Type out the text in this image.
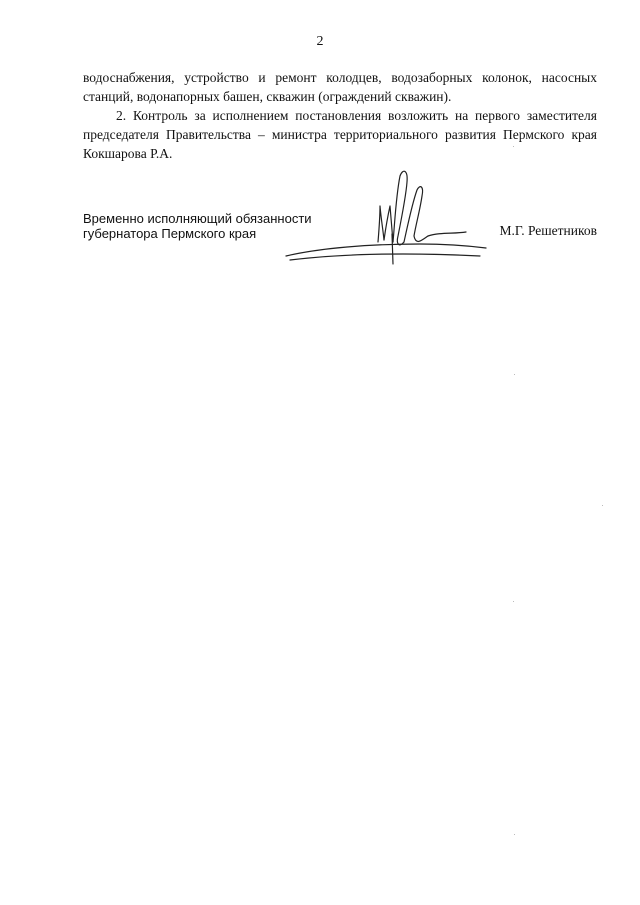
2

водоснабжения, устройство и ремонт колодцев, водозаборных колонок, насосных станций, водонапорных башен, скважин (ограждений скважин).

2. Контроль за исполнением постановления возложить на первого заместителя председателя Правительства – министра территориального развития Пермского края Кокшарова Р.А.

Временно исполняющий обязанности
губернатора Пермского края	М.Г. Решетников
